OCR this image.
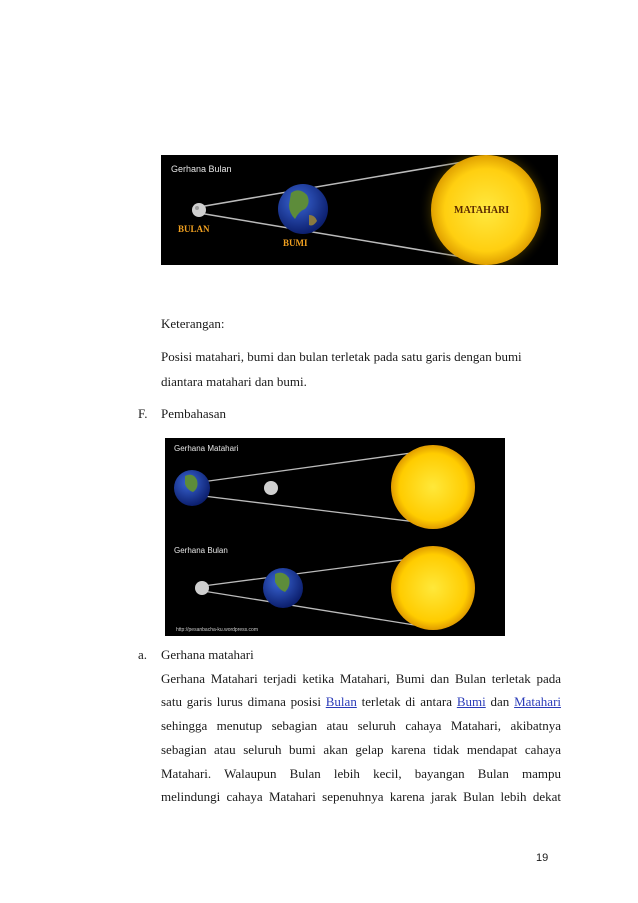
Gerhana Bulan
BULAN
BUMI
MATAHARI
Keterangan:
Posisi matahari, bumi dan bulan terletak pada satu garis dengan bumi
diantara matahari dan bumi.
F. Pembahasan
Gerhana Matahari
Gerhana Bulan
http://pesanbacha-ku.wordpress.com
a. Gerhana matahari
Gerhana Matahari terjadi ketika Matahari, Bumi dan Bulan terletak pada
satu garis lurus dimana posisi Bulan terletak di antara Bumi dan Matahari
sehingga menutup sebagian atau seluruh cahaya Matahari, akibatnya
sebagian atau seluruh bumi akan gelap karena tidak mendapat cahaya
Matahari. Walaupun Bulan lebih kecil, bayangan Bulan mampu
melindungi cahaya Matahari sepenuhnya karena jarak Bulan lebih dekat
19
